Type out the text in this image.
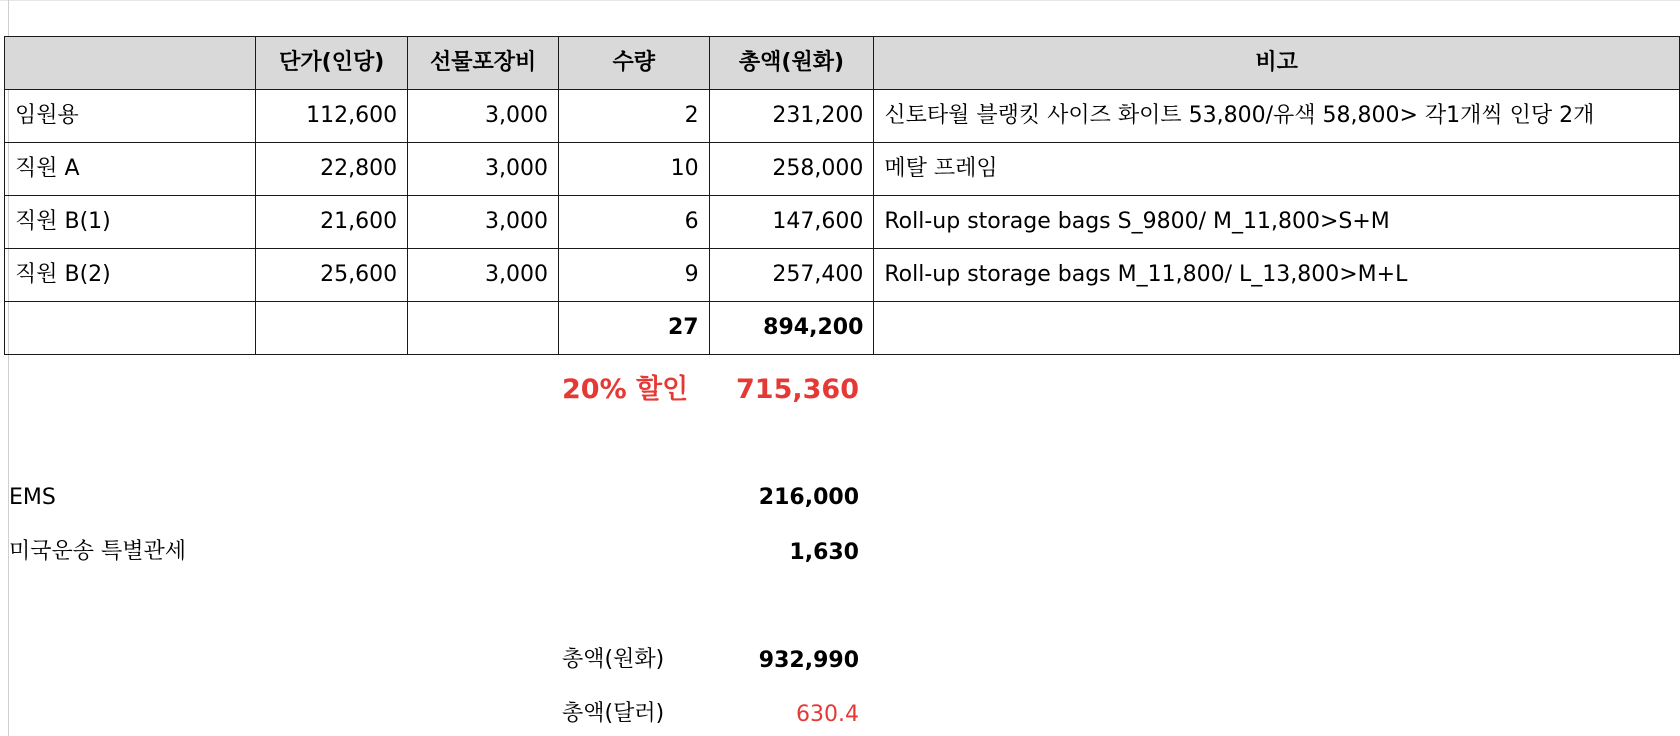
	단가(인당)	선물포장비	수량	총액(원화)	비고
임원용	112,600	3,000	2	231,200	신토타월 블랭킷 사이즈 화이트 53,800/유색 58,800> 각1개씩 인당 2개
직원 A	22,800	3,000	10	258,000	메탈 프레임
직원 B(1)	21,600	3,000	6	147,600	Roll-up storage bags S_9800/ M_11,800>S+M
직원 B(2)	25,600	3,000	9	257,400	Roll-up storage bags M_11,800/ L_13,800>M+L
			27	894,200	
20% 할인	715,360
EMS	216,000
미국운송 특별관세	1,630
총액(원화)	932,990
총액(달러)	630.4
